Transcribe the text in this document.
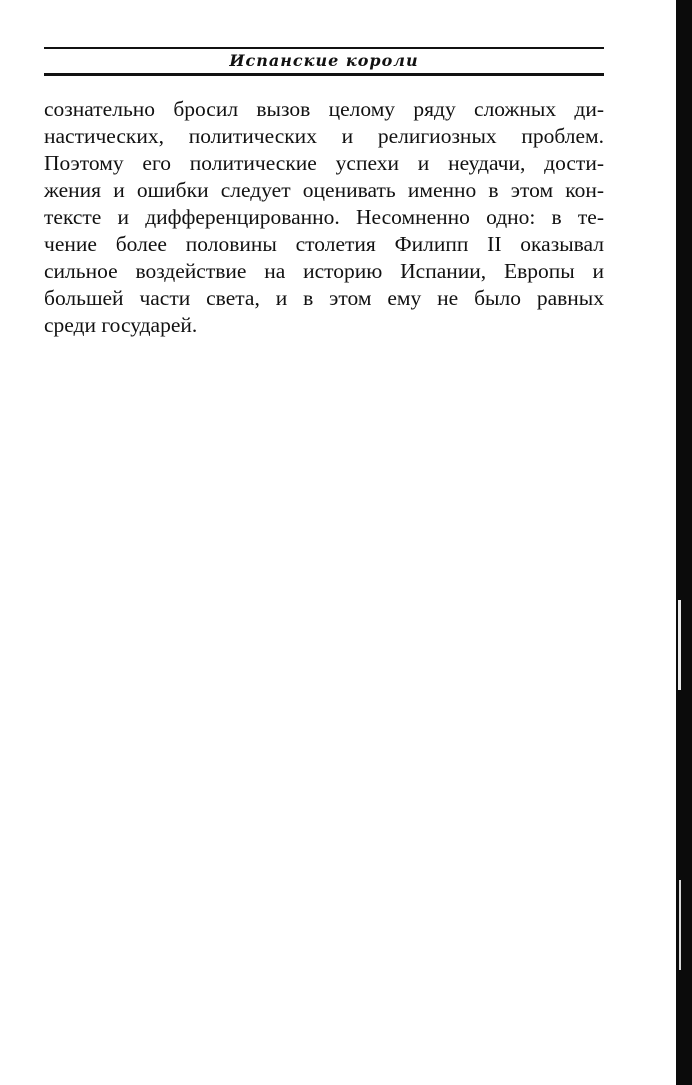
Испанские короли
сознательно бросил вызов целому ряду сложных ди-
настических, политических и религиозных проблем.
Поэтому его политические успехи и неудачи, дости-
жения и ошибки следует оценивать именно в этом кон-
тексте и дифференцированно. Несомненно одно: в те-
чение более половины столетия Филипп II оказывал
сильное воздействие на историю Испании, Европы и
большей части света, и в этом ему не было равных
среди государей.
